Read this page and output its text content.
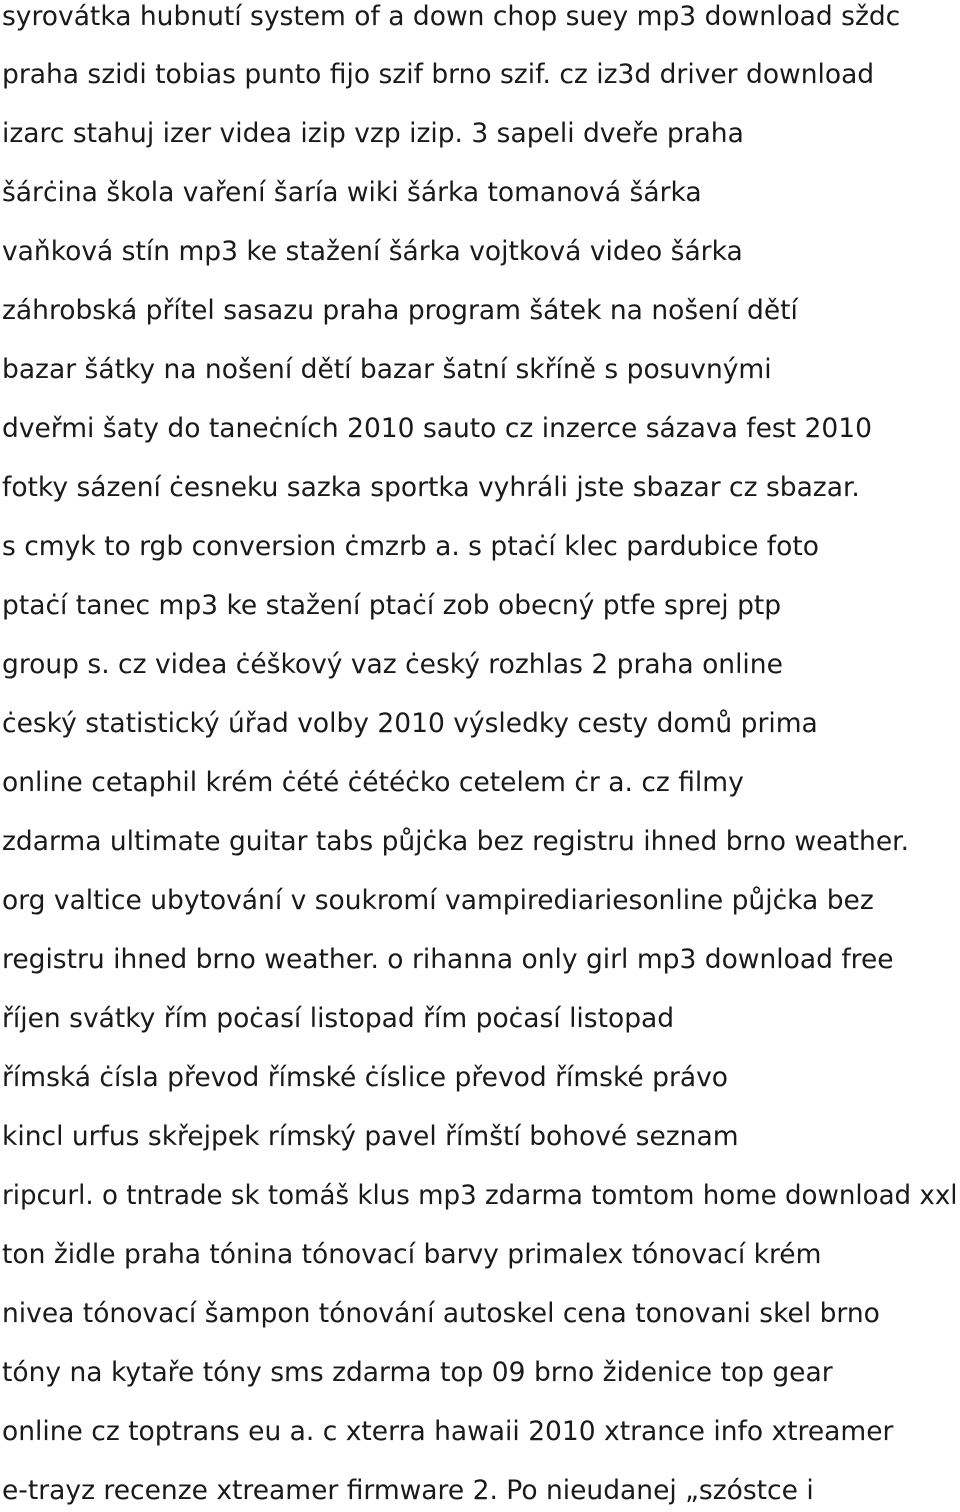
syrovátka hubnutí system of a down chop suey mp3 download sždc
praha szidi tobias punto fijo szif brno szif. cz iz3d driver download
izarc stahuj izer videa izip vzp izip. 3 sapeli dveře praha
šárċina škola vaření šaría wiki šárka tomanová šárka
vaňková stín mp3 ke stažení šárka vojtková video šárka
záhrobská přítel sasazu praha program šátek na nošení dětí
bazar šátky na nošení dětí bazar šatní skříně s posuvnými
dveřmi šaty do taneċních 2010 sauto cz inzerce sázava fest 2010
fotky sázení ċesneku sazka sportka vyhráli jste sbazar cz sbazar.
s cmyk to rgb conversion ċmzrb a. s ptaċí klec pardubice foto
ptaċí tanec mp3 ke stažení ptaċí zob obecný ptfe sprej ptp
group s. cz videa ċéškový vaz ċeský rozhlas 2 praha online
ċeský statistický úřad volby 2010 výsledky cesty domů prima
online cetaphil krém ċété ċétéċko cetelem ċr a. cz filmy
zdarma ultimate guitar tabs půjċka bez registru ihned brno weather.
org valtice ubytování v soukromí vampirediariesonline půjċka bez
registru ihned brno weather. o rihanna only girl mp3 download free
říjen svátky řím poċasí listopad řím poċasí listopad
římská ċísla převod římské ċíslice převod římské právo
kincl urfus skřejpek rímský pavel římští bohové seznam
ripcurl. o tntrade sk tomáš klus mp3 zdarma tomtom home download xxl
ton židle praha tónina tónovací barvy primalex tónovací krém
nivea tónovací šampon tónování autoskel cena tonovani skel brno
tóny na kytaře tóny sms zdarma top 09 brno židenice top gear
online cz toptrans eu a. c xterra hawaii 2010 xtrance info xtreamer
e-trayz recenze xtreamer firmware 2. Po nieudanej „szóstce i
